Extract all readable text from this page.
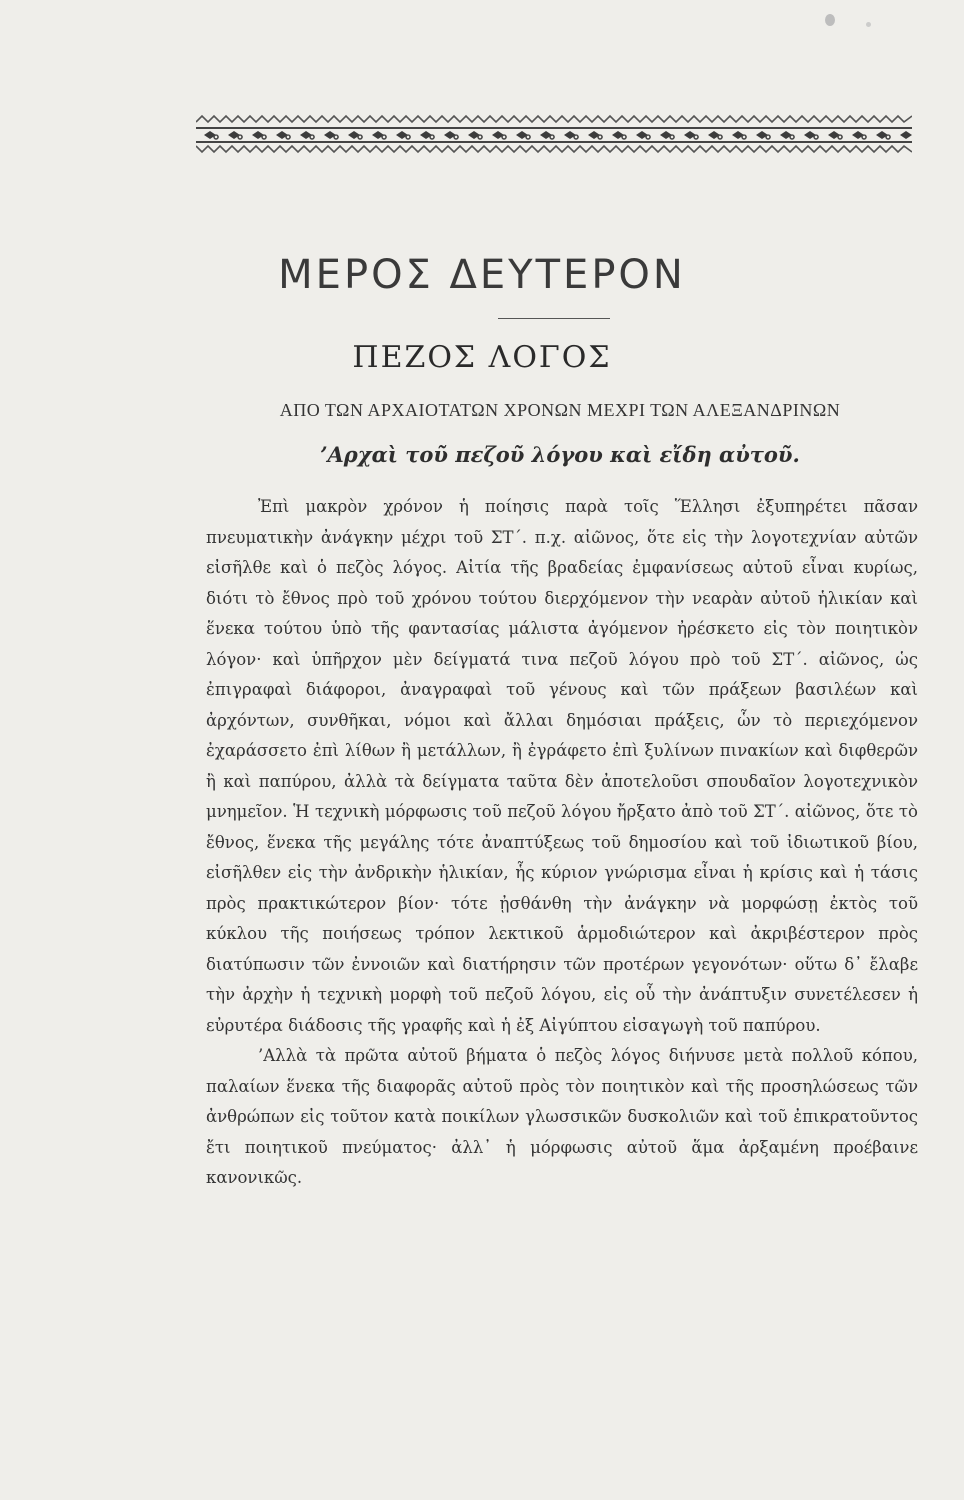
ΜΕΡΟΣ ΔΕΥΤΕΡΟΝ
ΠΕΖΟΣ ΛΟΓΟΣ
ΑΠΟ ΤΩΝ ΑΡΧΑΙΟΤΑΤΩΝ ΧΡΟΝΩΝ ΜΕΧΡΙ ΤΩΝ ΑΛΕΞΑΝΔΡΙΝΩΝ
’Αρχαὶ τοῦ πεζοῦ λόγου καὶ εἴδη αὐτοῦ.

Ἐπὶ μακρὸν χρόνον ἡ ποίησις παρὰ τοῖς Ἕλλησι ἐξυπηρέτει πᾶσαν πνευματικὴν ἀνάγκην μέχρι τοῦ ΣΤ΄. π.χ. αἰῶνος, ὅτε εἰς τὴν λογοτεχνίαν αὐτῶν εἰσῆλθε καὶ ὁ πεζὸς λόγος. Αἰτία τῆς βραδείας ἐμφανίσεως αὐτοῦ εἶναι κυρίως, διότι τὸ ἔθνος πρὸ τοῦ χρόνου τούτου διερχόμενον τὴν νεαρὰν αὐτοῦ ἡλικίαν καὶ ἕνεκα τούτου ὑπὸ τῆς φαντασίας μάλιστα ἀγόμενον ἠρέσκετο εἰς τὸν ποιητικὸν λόγον· καὶ ὑπῆρχον μὲν δείγματά τινα πεζοῦ λόγου πρὸ τοῦ ΣΤ΄. αἰῶνος, ὡς ἐπιγραφαὶ διάφοροι, ἀναγραφαὶ τοῦ γένους καὶ τῶν πράξεων βασιλέων καὶ ἀρχόντων, συνθῆκαι, νόμοι καὶ ἄλλαι δημόσιαι πράξεις, ὧν τὸ περιεχόμενον ἐχαράσσετο ἐπὶ λίθων ἢ μετάλλων, ἢ ἐγράφετο ἐπὶ ξυλίνων πινακίων καὶ διφθερῶν ἢ καὶ παπύρου, ἀλλὰ τὰ δείγματα ταῦτα δὲν ἀποτελοῦσι σπουδαῖον λογοτεχνικὸν μνημεῖον. Ἡ τεχνικὴ μόρφωσις τοῦ πεζοῦ λόγου ἤρξατο ἀπὸ τοῦ ΣΤ΄. αἰῶνος, ὅτε τὸ ἔθνος, ἕνεκα τῆς μεγάλης τότε ἀναπτύξεως τοῦ δημοσίου καὶ τοῦ ἰδιωτικοῦ βίου, εἰσῆλθεν εἰς τὴν ἀνδρικὴν ἡλικίαν, ἧς κύριον γνώρισμα εἶναι ἡ κρίσις καὶ ἡ τάσις πρὸς πρακτικώτερον βίον· τότε ᾐσθάνθη τὴν ἀνάγκην νὰ μορφώσῃ ἐκτὸς τοῦ κύκλου τῆς ποιήσεως τρόπον λεκτικοῦ ἁρμοδιώτερον καὶ ἀκριβέστερον πρὸς διατύπωσιν τῶν ἐννοιῶν καὶ διατήρησιν τῶν προτέρων γεγονότων· οὕτω δ᾽ ἔλαβε τὴν ἀρχὴν ἡ τεχνικὴ μορφὴ τοῦ πεζοῦ λόγου, εἰς οὗ τὴν ἀνάπτυξιν συνετέλεσεν ἡ εὐρυτέρα διάδοσις τῆς γραφῆς καὶ ἡ ἐξ Αἰγύπτου εἰσαγωγὴ τοῦ παπύρου.

’Αλλὰ τὰ πρῶτα αὐτοῦ βήματα ὁ πεζὸς λόγος διήνυσε μετὰ πολλοῦ κόπου, παλαίων ἕνεκα τῆς διαφορᾶς αὐτοῦ πρὸς τὸν ποιητικὸν καὶ τῆς προσηλώσεως τῶν ἀνθρώπων εἰς τοῦτον κατὰ ποικίλων γλωσσικῶν δυσκολιῶν καὶ τοῦ ἐπικρατοῦντος ἔτι ποιητικοῦ πνεύματος· ἀλλ᾽ ἡ μόρφωσις αὐτοῦ ἅμα ἀρξαμένη προέβαινε κανονικῶς.
